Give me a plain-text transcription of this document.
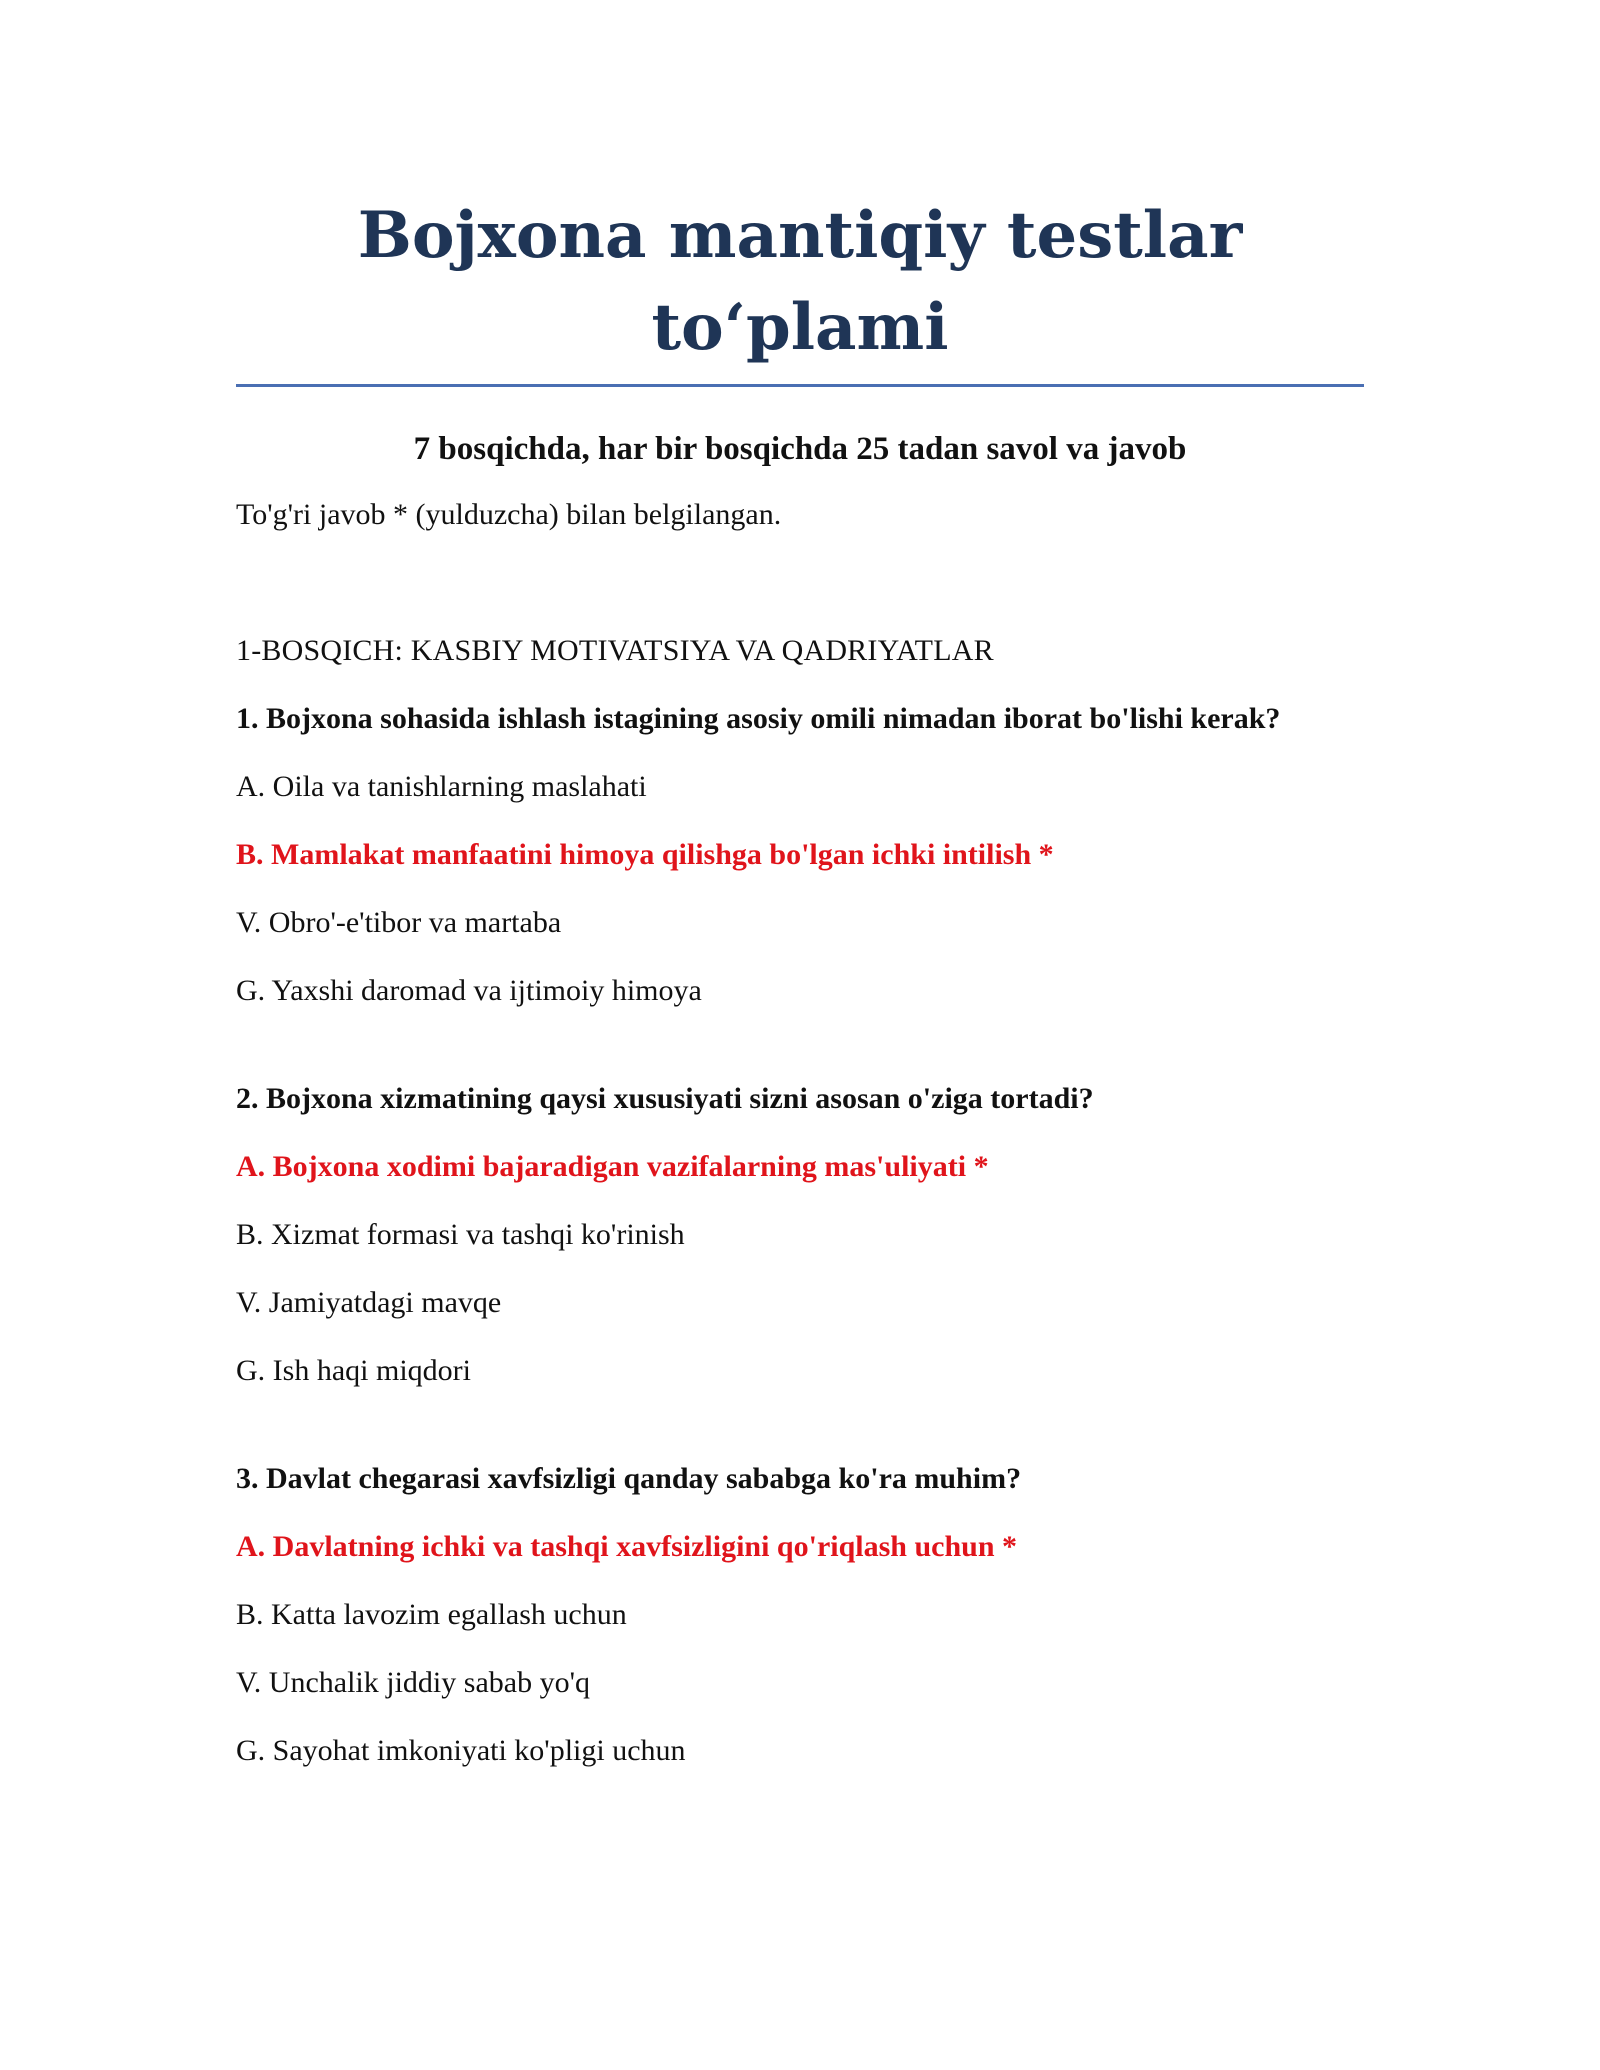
Bojxona mantiqiy testlar to‘plami

7 bosqichda, har bir bosqichda 25 tadan savol va javob

To'g'ri javob * (yulduzcha) bilan belgilangan.

1-BOSQICH: KASBIY MOTIVATSIYA VA QADRIYATLAR

1. Bojxona sohasida ishlash istagining asosiy omili nimadan iborat bo'lishi kerak?

A. Oila va tanishlarning maslahati

B. Mamlakat manfaatini himoya qilishga bo'lgan ichki intilish *

V. Obro'-e'tibor va martaba

G. Yaxshi daromad va ijtimoiy himoya

2. Bojxona xizmatining qaysi xususiyati sizni asosan o'ziga tortadi?

A. Bojxona xodimi bajaradigan vazifalarning mas'uliyati *

B. Xizmat formasi va tashqi ko'rinish

V. Jamiyatdagi mavqe

G. Ish haqi miqdori

3. Davlat chegarasi xavfsizligi qanday sababga ko'ra muhim?

A. Davlatning ichki va tashqi xavfsizligini qo'riqlash uchun *

B. Katta lavozim egallash uchun

V. Unchalik jiddiy sabab yo'q

G. Sayohat imkoniyati ko'pligi uchun
